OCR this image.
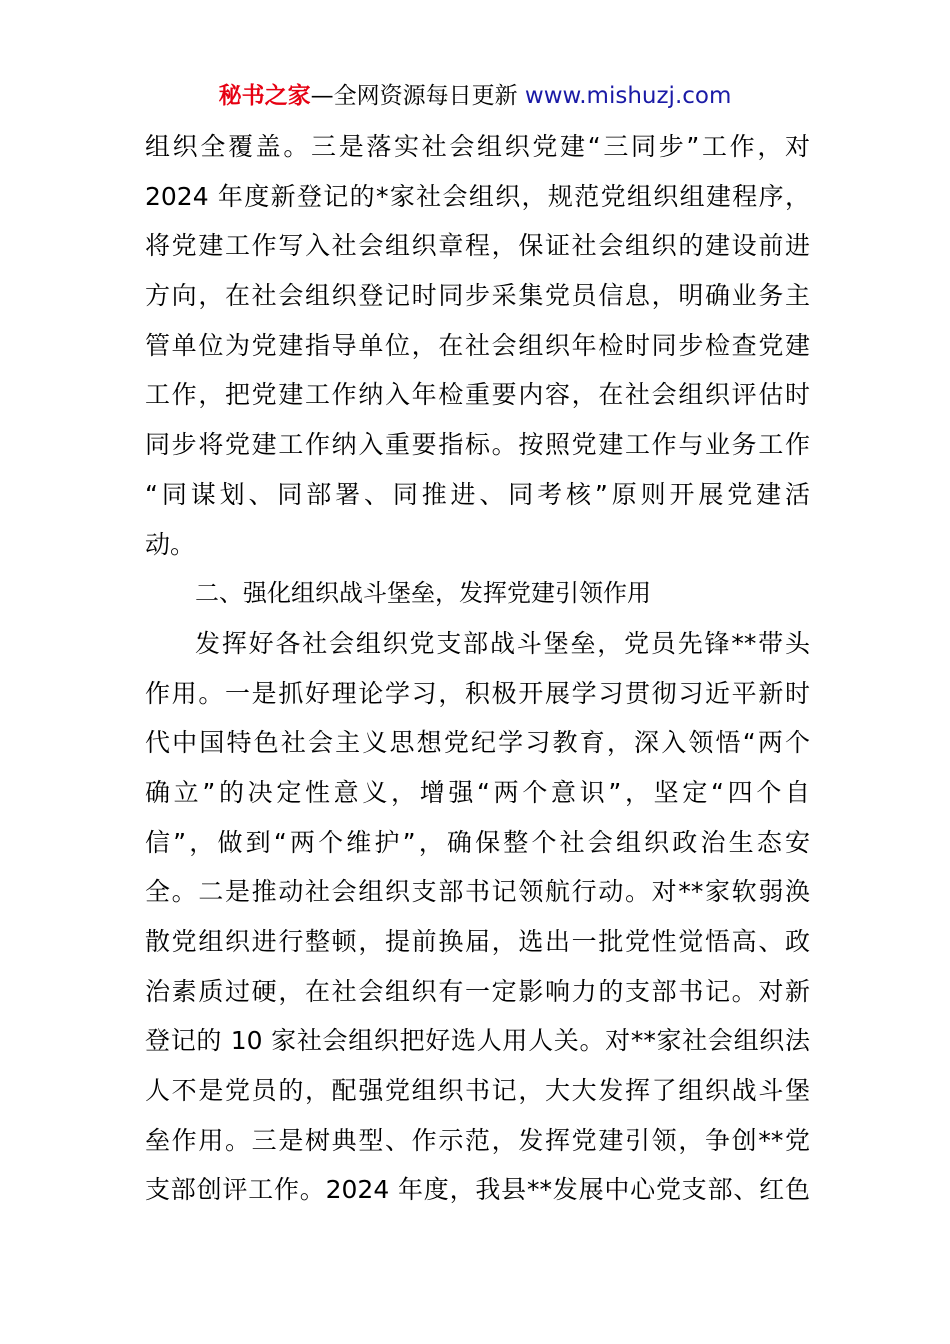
秘书之家—全网资源每日更新 www.mishuzj.com
组织全覆盖。三是落实社会组织党建“三同步”工作，对
2024 年度新登记的*家社会组织，规范党组织组建程序，
将党建工作写入社会组织章程，保证社会组织的建设前进
方向，在社会组织登记时同步采集党员信息，明确业务主
管单位为党建指导单位，在社会组织年检时同步检查党建
工作，把党建工作纳入年检重要内容，在社会组织评估时
同步将党建工作纳入重要指标。按照党建工作与业务工作
“同谋划、同部署、同推进、同考核”原则开展党建活
动。
二、强化组织战斗堡垒，发挥党建引领作用
发挥好各社会组织党支部战斗堡垒，党员先锋**带头
作用。一是抓好理论学习，积极开展学习贯彻习近平新时
代中国特色社会主义思想党纪学习教育，深入领悟“两个
确立”的决定性意义，增强“两个意识”，坚定“四个自
信”，做到“两个维护”，确保整个社会组织政治生态安
全。二是推动社会组织支部书记领航行动。对**家软弱涣
散党组织进行整顿，提前换届，选出一批党性觉悟高、政
治素质过硬，在社会组织有一定影响力的支部书记。对新
登记的 10 家社会组织把好选人用人关。对**家社会组织法
人不是党员的，配强党组织书记，大大发挥了组织战斗堡
垒作用。三是树典型、作示范，发挥党建引领，争创**党
支部创评工作。2024 年度，我县**发展中心党支部、红色
